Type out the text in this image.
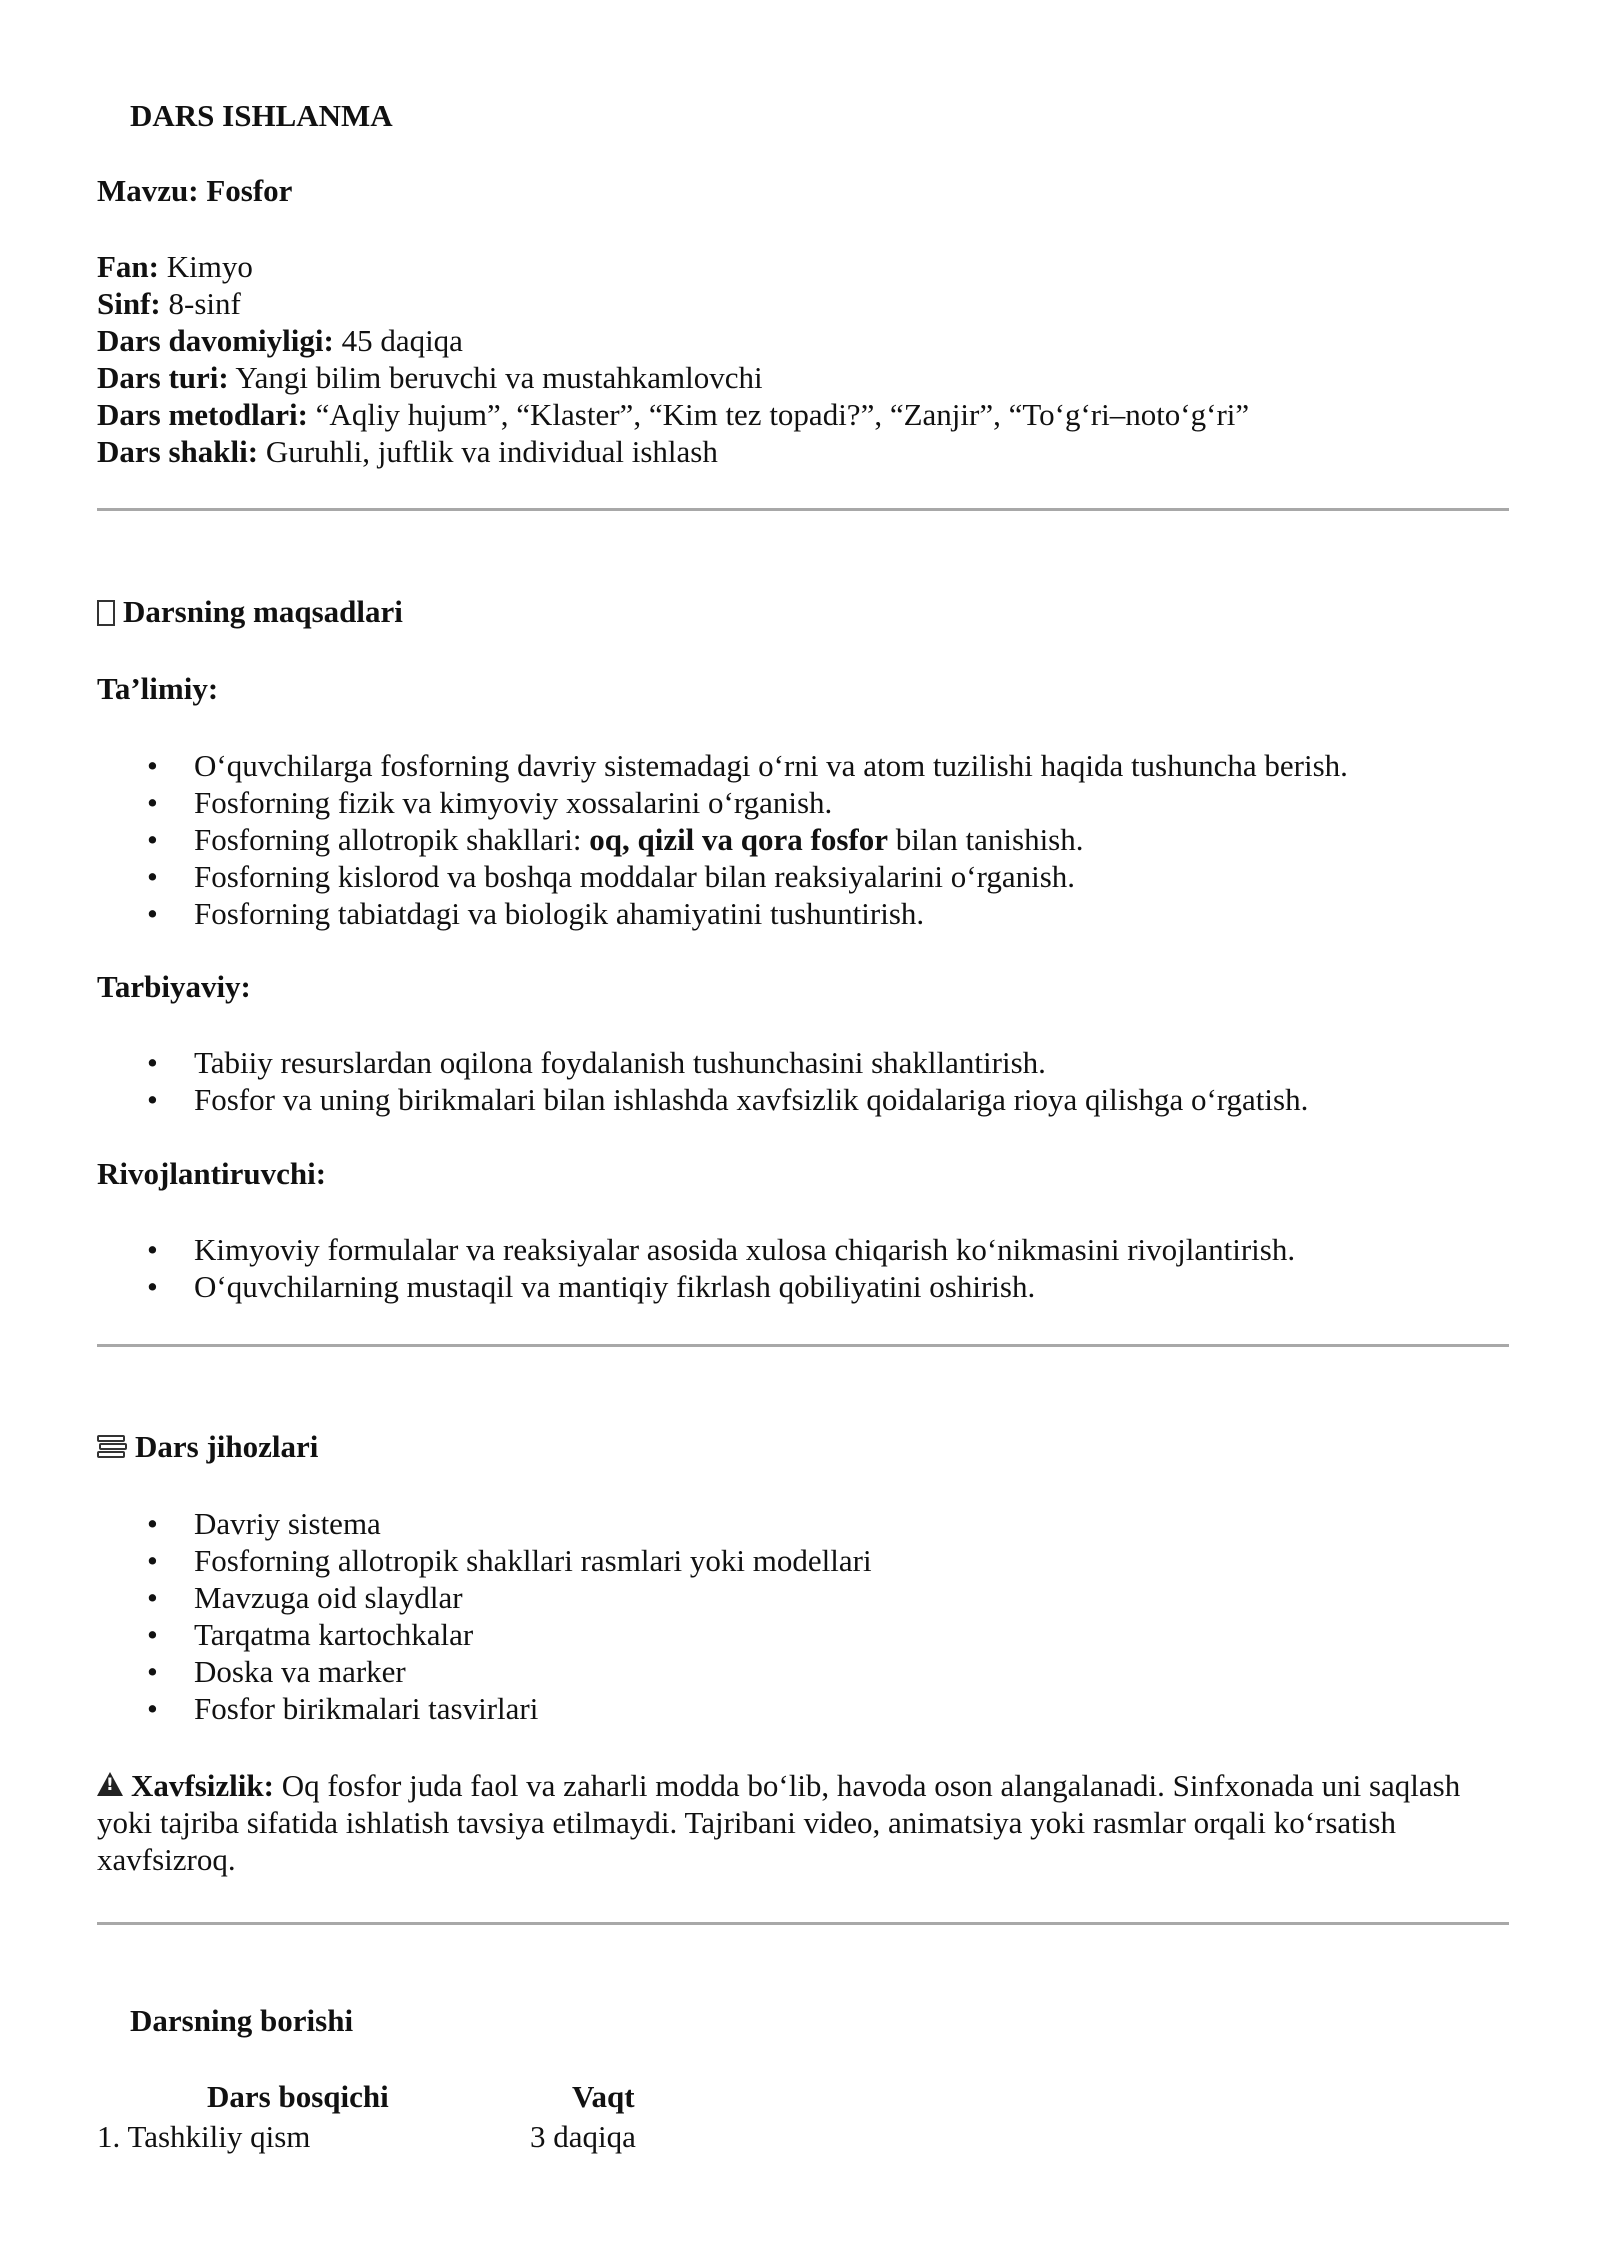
DARS ISHLANMA
Mavzu: Fosfor
Fan: Kimyo
Sinf: 8-sinf
Dars davomiyligi: 45 daqiqa
Dars turi: Yangi bilim beruvchi va mustahkamlovchi
Dars metodlari: “Aqliy hujum”, “Klaster”, “Kim tez topadi?”, “Zanjir”, “To‘g‘ri–noto‘g‘ri”
Dars shakli: Guruhli, juftlik va individual ishlash
Darsning maqsadlari
Ta’limiy:
• O‘quvchilarga fosforning davriy sistemadagi o‘rni va atom tuzilishi haqida tushuncha berish.
• Fosforning fizik va kimyoviy xossalarini o‘rganish.
• Fosforning allotropik shakllari: oq, qizil va qora fosfor bilan tanishish.
• Fosforning kislorod va boshqa moddalar bilan reaksiyalarini o‘rganish.
• Fosforning tabiatdagi va biologik ahamiyatini tushuntirish.
Tarbiyaviy:
• Tabiiy resurslardan oqilona foydalanish tushunchasini shakllantirish.
• Fosfor va uning birikmalari bilan ishlashda xavfsizlik qoidalariga rioya qilishga o‘rgatish.
Rivojlantiruvchi:
• Kimyoviy formulalar va reaksiyalar asosida xulosa chiqarish ko‘nikmasini rivojlantirish.
• O‘quvchilarning mustaqil va mantiqiy fikrlash qobiliyatini oshirish.
Dars jihozlari
• Davriy sistema
• Fosforning allotropik shakllari rasmlari yoki modellari
• Mavzuga oid slaydlar
• Tarqatma kartochkalar
• Doska va marker
• Fosfor birikmalari tasvirlari
!Xavfsizlik: Oq fosfor juda faol va zaharli modda bo‘lib, havoda oson alangalanadi. Sinfxonada uni saqlash yoki tajriba sifatida ishlatish tavsiya etilmaydi. Tajribani video, animatsiya yoki rasmlar orqali ko‘rsatish xavfsizroq.
Darsning borishi
Dars bosqichi	Vaqt
1. Tashkiliy qism	3 daqiqa
